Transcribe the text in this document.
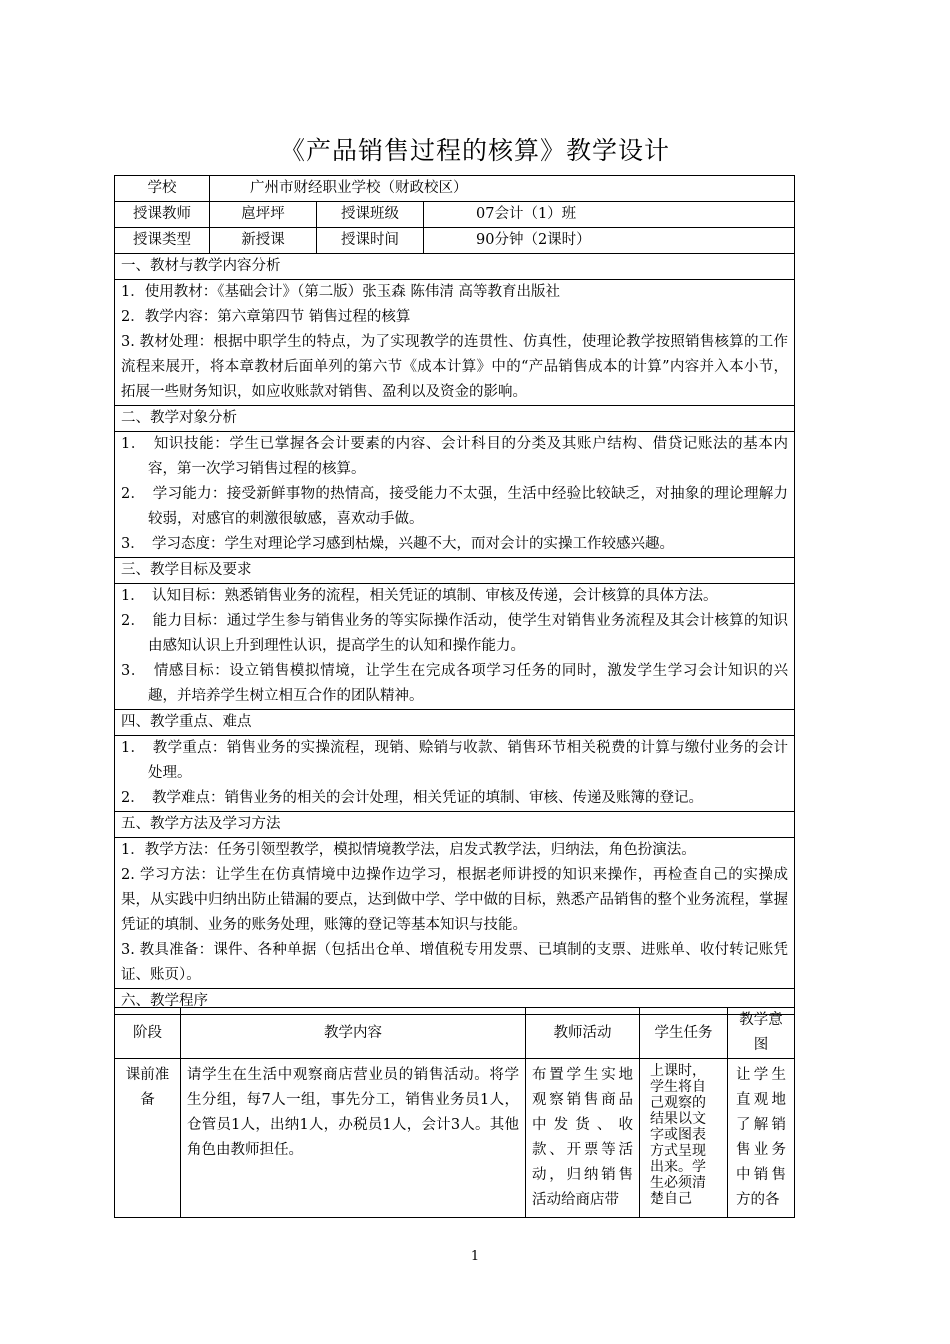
《产品销售过程的核算》教学设计
学校	广州市财经职业学校（财政校区）		
授课教师	扈坪坪	授课班级	07会计（1）班
授课类型	新授课	授课时间	90分钟（2课时）
一、教材与教学内容分析			

1．使用教材：《基础会计》（第二版）张玉森 陈伟清 高等教育出版社
2．教学内容：第六章第四节 销售过程的核算
3. 教材处理：根据中职学生的特点，为了实现教学的连贯性、仿真性，使理论教学按照销售核算的工作流程来展开，将本章教材后面单列的第六节《成本计算》中的“产品销售成本的计算”内容并入本小节，拓展一些财务知识，如应收账款对销售、盈利以及资金的影响。			

二、教学对象分析			

1．　知识技能：学生已掌握各会计要素的内容、会计科目的分类及其账户结构、借贷记账法的基本内容，第一次学习销售过程的核算。
2．　学习能力：接受新鲜事物的热情高，接受能力不太强，生活中经验比较缺乏，对抽象的理论理解力较弱，对感官的刺激很敏感，喜欢动手做。
3．　学习态度：学生对理论学习感到枯燥，兴趣不大，而对会计的实操工作较感兴趣。			

三、教学目标及要求			

1．　认知目标：熟悉销售业务的流程，相关凭证的填制、审核及传递，会计核算的具体方法。
2．　能力目标：通过学生参与销售业务的等实际操作活动，使学生对销售业务流程及其会计核算的知识由感知认识上升到理性认识，提高学生的认知和操作能力。
3．　情感目标：设立销售模拟情境，让学生在完成各项学习任务的同时，激发学生学习会计知识的兴趣，并培养学生树立相互合作的团队精神。			

四、教学重点、难点			

1．　教学重点：销售业务的实操流程，现销、赊销与收款、销售环节相关税费的计算与缴付业务的会计处理。
2．　教学难点：销售业务的相关的会计处理，相关凭证的填制、审核、传递及账簿的登记。			

五、教学方法及学习方法			

1．教学方法：任务引领型教学，模拟情境教学法，启发式教学法，归纳法，角色扮演法。
2. 学习方法：让学生在仿真情境中边操作边学习，根据老师讲授的知识来操作，再检查自己的实操成果，从实践中归纳出防止错漏的要点，达到做中学、学中做的目标，熟悉产品销售的整个业务流程，掌握凭证的填制、业务的账务处理，账簿的登记等基本知识与技能。
3. 教具准备：课件、各种单据（包括出仓单、增值税专用发票、已填制的支票、进账单、收付转记账凭证、账页）。			

六、教学程序			
阶段	教学内容	教师活动	学生任务	教学意图
课前准备	请学生在生活中观察商店营业员的销售活动。将学生分组，每7人一组，事先分工，销售业务员1人，仓管员1人，出纳1人，办税员1人，会计3人。其他角色由教师担任。	布置学生实地观察销售商品中发货、收款、开票等活动，归纳销售活动给商店带	上课时，学生将自己观察的结果以文字或图表方式呈现出来。学生必须清楚自己	让学生直观地了解销售业务中销售方的各
1
